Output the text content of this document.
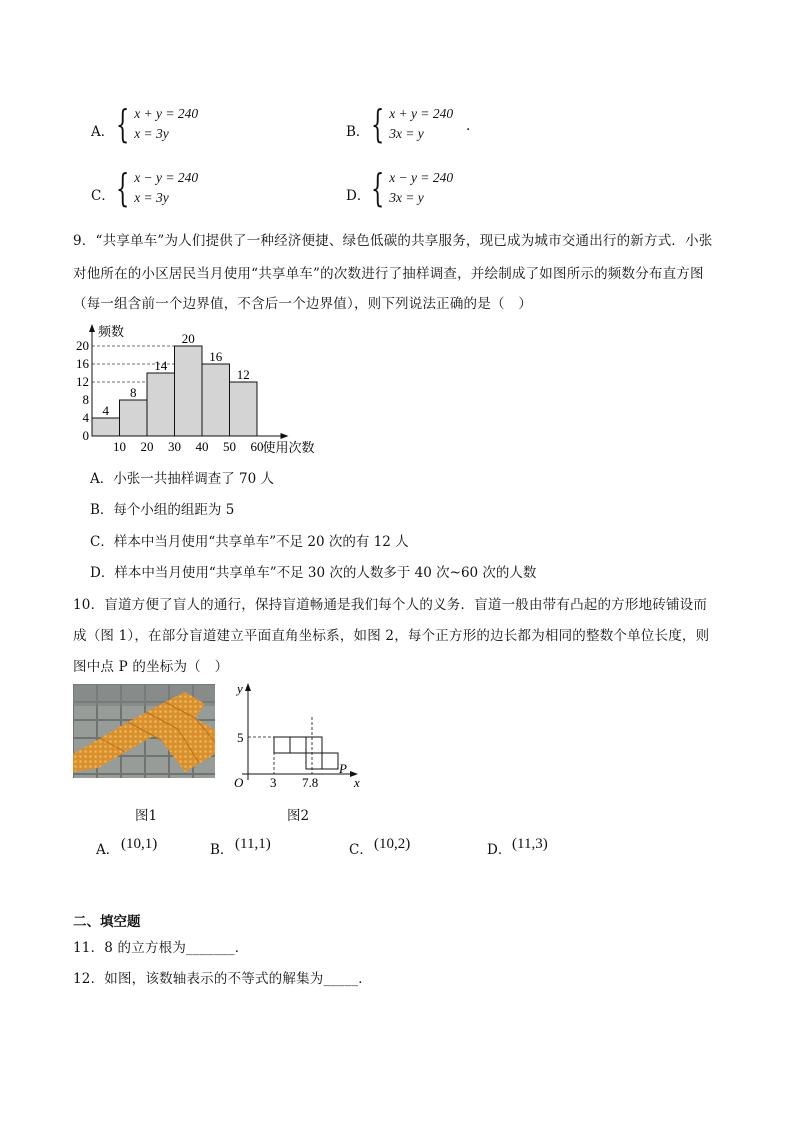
A． { x + y = 240
x = 3y	B． { x + y = 240
3x = y	.
C． { x − y = 240
x = 3y	D． { x − y = 240
3x = y
9．“共享单车”为人们提供了一种经济便捷、绿色低碳的共享服务，现已成为城市交通出行的新方式．小张
对他所在的小区居民当月使用“共享单车”的次数进行了抽样调查，并绘制成了如图所示的频数分布直方图
（每一组含前一个边界值，不含后一个边界值），则下列说法正确的是（　）
4
8
14
20
16
12
0
4
8
12
16
20
10 20 30 40 50 60
频数
使用次数
A．小张一共抽样调查了 70 人
B．每个小组的组距为 5
C．样本中当月使用“共享单车”不足 20 次的有 12 人
D．样本中当月使用“共享单车”不足 30 次的人数多于 40 次~60 次的人数
10．盲道方便了盲人的通行，保持盲道畅通是我们每个人的义务．盲道一般由带有凸起的方形地砖铺设而
成（图 1），在部分盲道建立平面直角坐标系，如图 2，每个正方形的边长都为相同的整数个单位长度，则
图中点 P 的坐标为（　）
图1
y
x
O
5
3 7.8
P
图2
A． (10,1)	B． (11,1)	C． (10,2)	D． (11,3)
二、填空题
11．8 的立方根为_______．
12．如图，该数轴表示的不等式的解集为_____．
